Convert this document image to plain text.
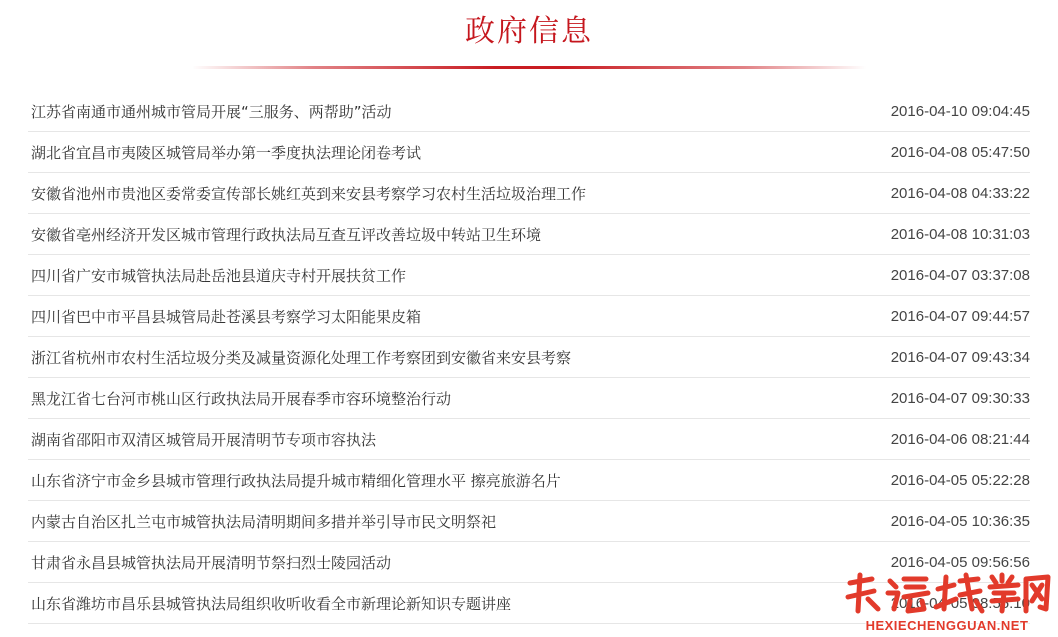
政府信息
江苏省南通市通州城市管局开展“三服务、两帮助”活动	2016-04-10 09:04:45
湖北省宜昌市夷陵区城管局举办第一季度执法理论闭卷考试	2016-04-08 05:47:50
安徽省池州市贵池区委常委宣传部长姚红英到来安县考察学习农村生活垃圾治理工作	2016-04-08 04:33:22
安徽省亳州经济开发区城市管理行政执法局互查互评改善垃圾中转站卫生环境	2016-04-08 10:31:03
四川省广安市城管执法局赴岳池县道庆寺村开展扶贫工作	2016-04-07 03:37:08
四川省巴中市平昌县城管局赴苍溪县考察学习太阳能果皮箱	2016-04-07 09:44:57
浙江省杭州市农村生活垃圾分类及减量资源化处理工作考察团到安徽省来安县考察	2016-04-07 09:43:34
黑龙江省七台河市桃山区行政执法局开展春季市容环境整治行动	2016-04-07 09:30:33
湖南省邵阳市双清区城管局开展清明节专项市容执法	2016-04-06 08:21:44
山东省济宁市金乡县城市管理行政执法局提升城市精细化管理水平 擦亮旅游名片	2016-04-05 05:22:28
内蒙古自治区扎兰屯市城管执法局清明期间多措并举引导市民文明祭祀	2016-04-05 10:36:35
甘肃省永昌县城管执法局开展清明节祭扫烈士陵园活动	2016-04-05 09:56:56
山东省潍坊市昌乐县城管执法局组织收听收看全市新理论新知识专题讲座	2016-04-05 08:55:10
HEXIECHENGGUAN.NET
